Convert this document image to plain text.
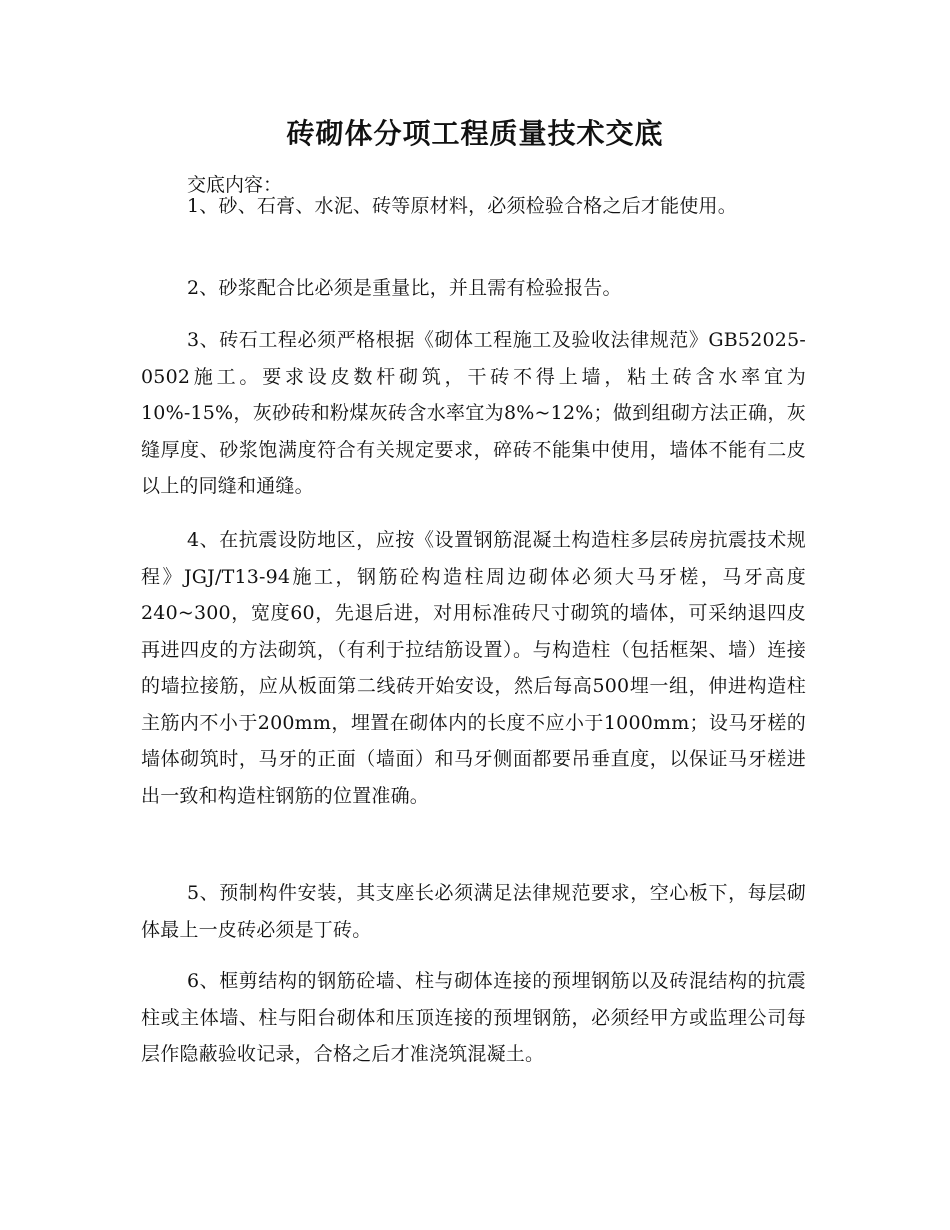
砖砌体分项工程质量技术交底

交底内容：

1、砂、石膏、水泥、砖等原材料，必须检验合格之后才能使用。

2、砂浆配合比必须是重量比，并且需有检验报告。

3、砖石工程必须严格根据《砌体工程施工及验收法律规范》GB52025-0502施工。要求设皮数杆砌筑，干砖不得上墙，粘土砖含水率宜为10%-15%，灰砂砖和粉煤灰砖含水率宜为8%~12%；做到组砌方法正确，灰缝厚度、砂浆饱满度符合有关规定要求，碎砖不能集中使用，墙体不能有二皮以上的同缝和通缝。

4、在抗震设防地区，应按《设置钢筋混凝土构造柱多层砖房抗震技术规程》JGJ/T13-94施工，钢筋砼构造柱周边砌体必须大马牙槎，马牙高度240~300，宽度60，先退后进，对用标准砖尺寸砌筑的墙体，可采纳退四皮再进四皮的方法砌筑，（有利于拉结筋设置）。与构造柱（包括框架、墙）连接的墙拉接筋，应从板面第二线砖开始安设，然后每高500埋一组，伸进构造柱主筋内不小于200mm，埋置在砌体内的长度不应小于1000mm；设马牙槎的墙体砌筑时，马牙的正面（墙面）和马牙侧面都要吊垂直度，以保证马牙槎进出一致和构造柱钢筋的位置准确。

5、预制构件安装，其支座长必须满足法律规范要求，空心板下，每层砌体最上一皮砖必须是丁砖。

6、框剪结构的钢筋砼墙、柱与砌体连接的预埋钢筋以及砖混结构的抗震柱或主体墙、柱与阳台砌体和压顶连接的预埋钢筋，必须经甲方或监理公司每层作隐蔽验收记录，合格之后才准浇筑混凝土。
